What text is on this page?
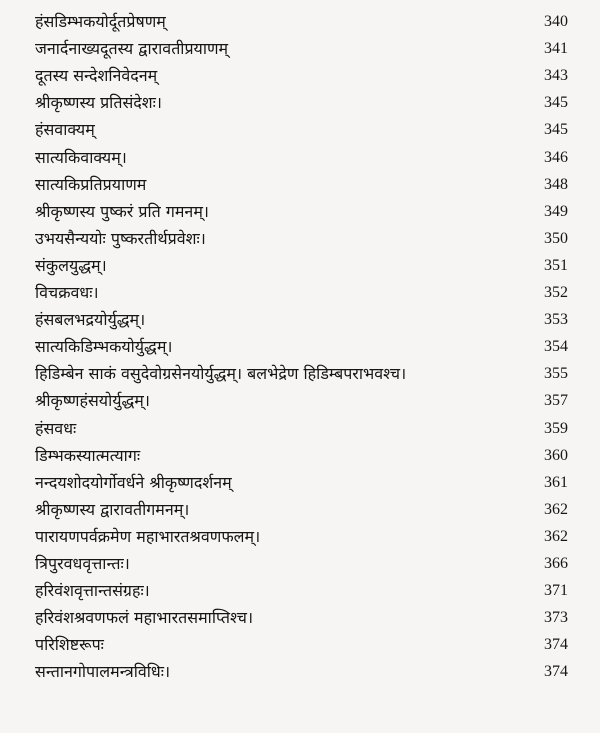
हंसडिम्भकयोर्दूतप्रेषणम्	340
जनार्दनाख्यदूतस्य द्वारावतीप्रयाणम्	341
दूतस्य सन्देशनिवेदनम्	343
श्रीकृष्णस्य प्रतिसंदेशः।	345
हंसवाक्यम्	345
सात्यकिवाक्यम्।	346
सात्यकिप्रतिप्रयाणम	348
श्रीकृष्णस्य पुष्करं प्रति गमनम्।	349
उभयसैन्ययोः पुष्करतीर्थप्रवेशः।	350
संकुलयुद्धम्।	351
विचक्रवधः।	352
हंसबलभद्रयोर्युद्धम्।	353
सात्यकिडिम्भकयोर्युद्धम्।	354
हिडिम्बेन साकं वसुदेवोग्रसेनयोर्युद्धम्। बलभेद्रेण हिडिम्बपराभवश्च।	355
श्रीकृष्णहंसयोर्युद्धम्।	357
हंसवधः	359
डिम्भकस्यात्मत्यागः	360
नन्दयशोदयोर्गोवर्धने श्रीकृष्णदर्शनम्	361
श्रीकृष्णस्य द्वारावतीगमनम्।	362
पारायणपर्वक्रमेण महाभारतश्रवणफलम्।	362
त्रिपुरवधवृत्तान्तः।	366
हरिवंशवृत्तान्तसंग्रहः।	371
हरिवंशश्रवणफलं महाभारतसमाप्तिश्च।	373
परिशिष्टरूपः	374
सन्तानगोपालमन्त्रविधिः।	374
